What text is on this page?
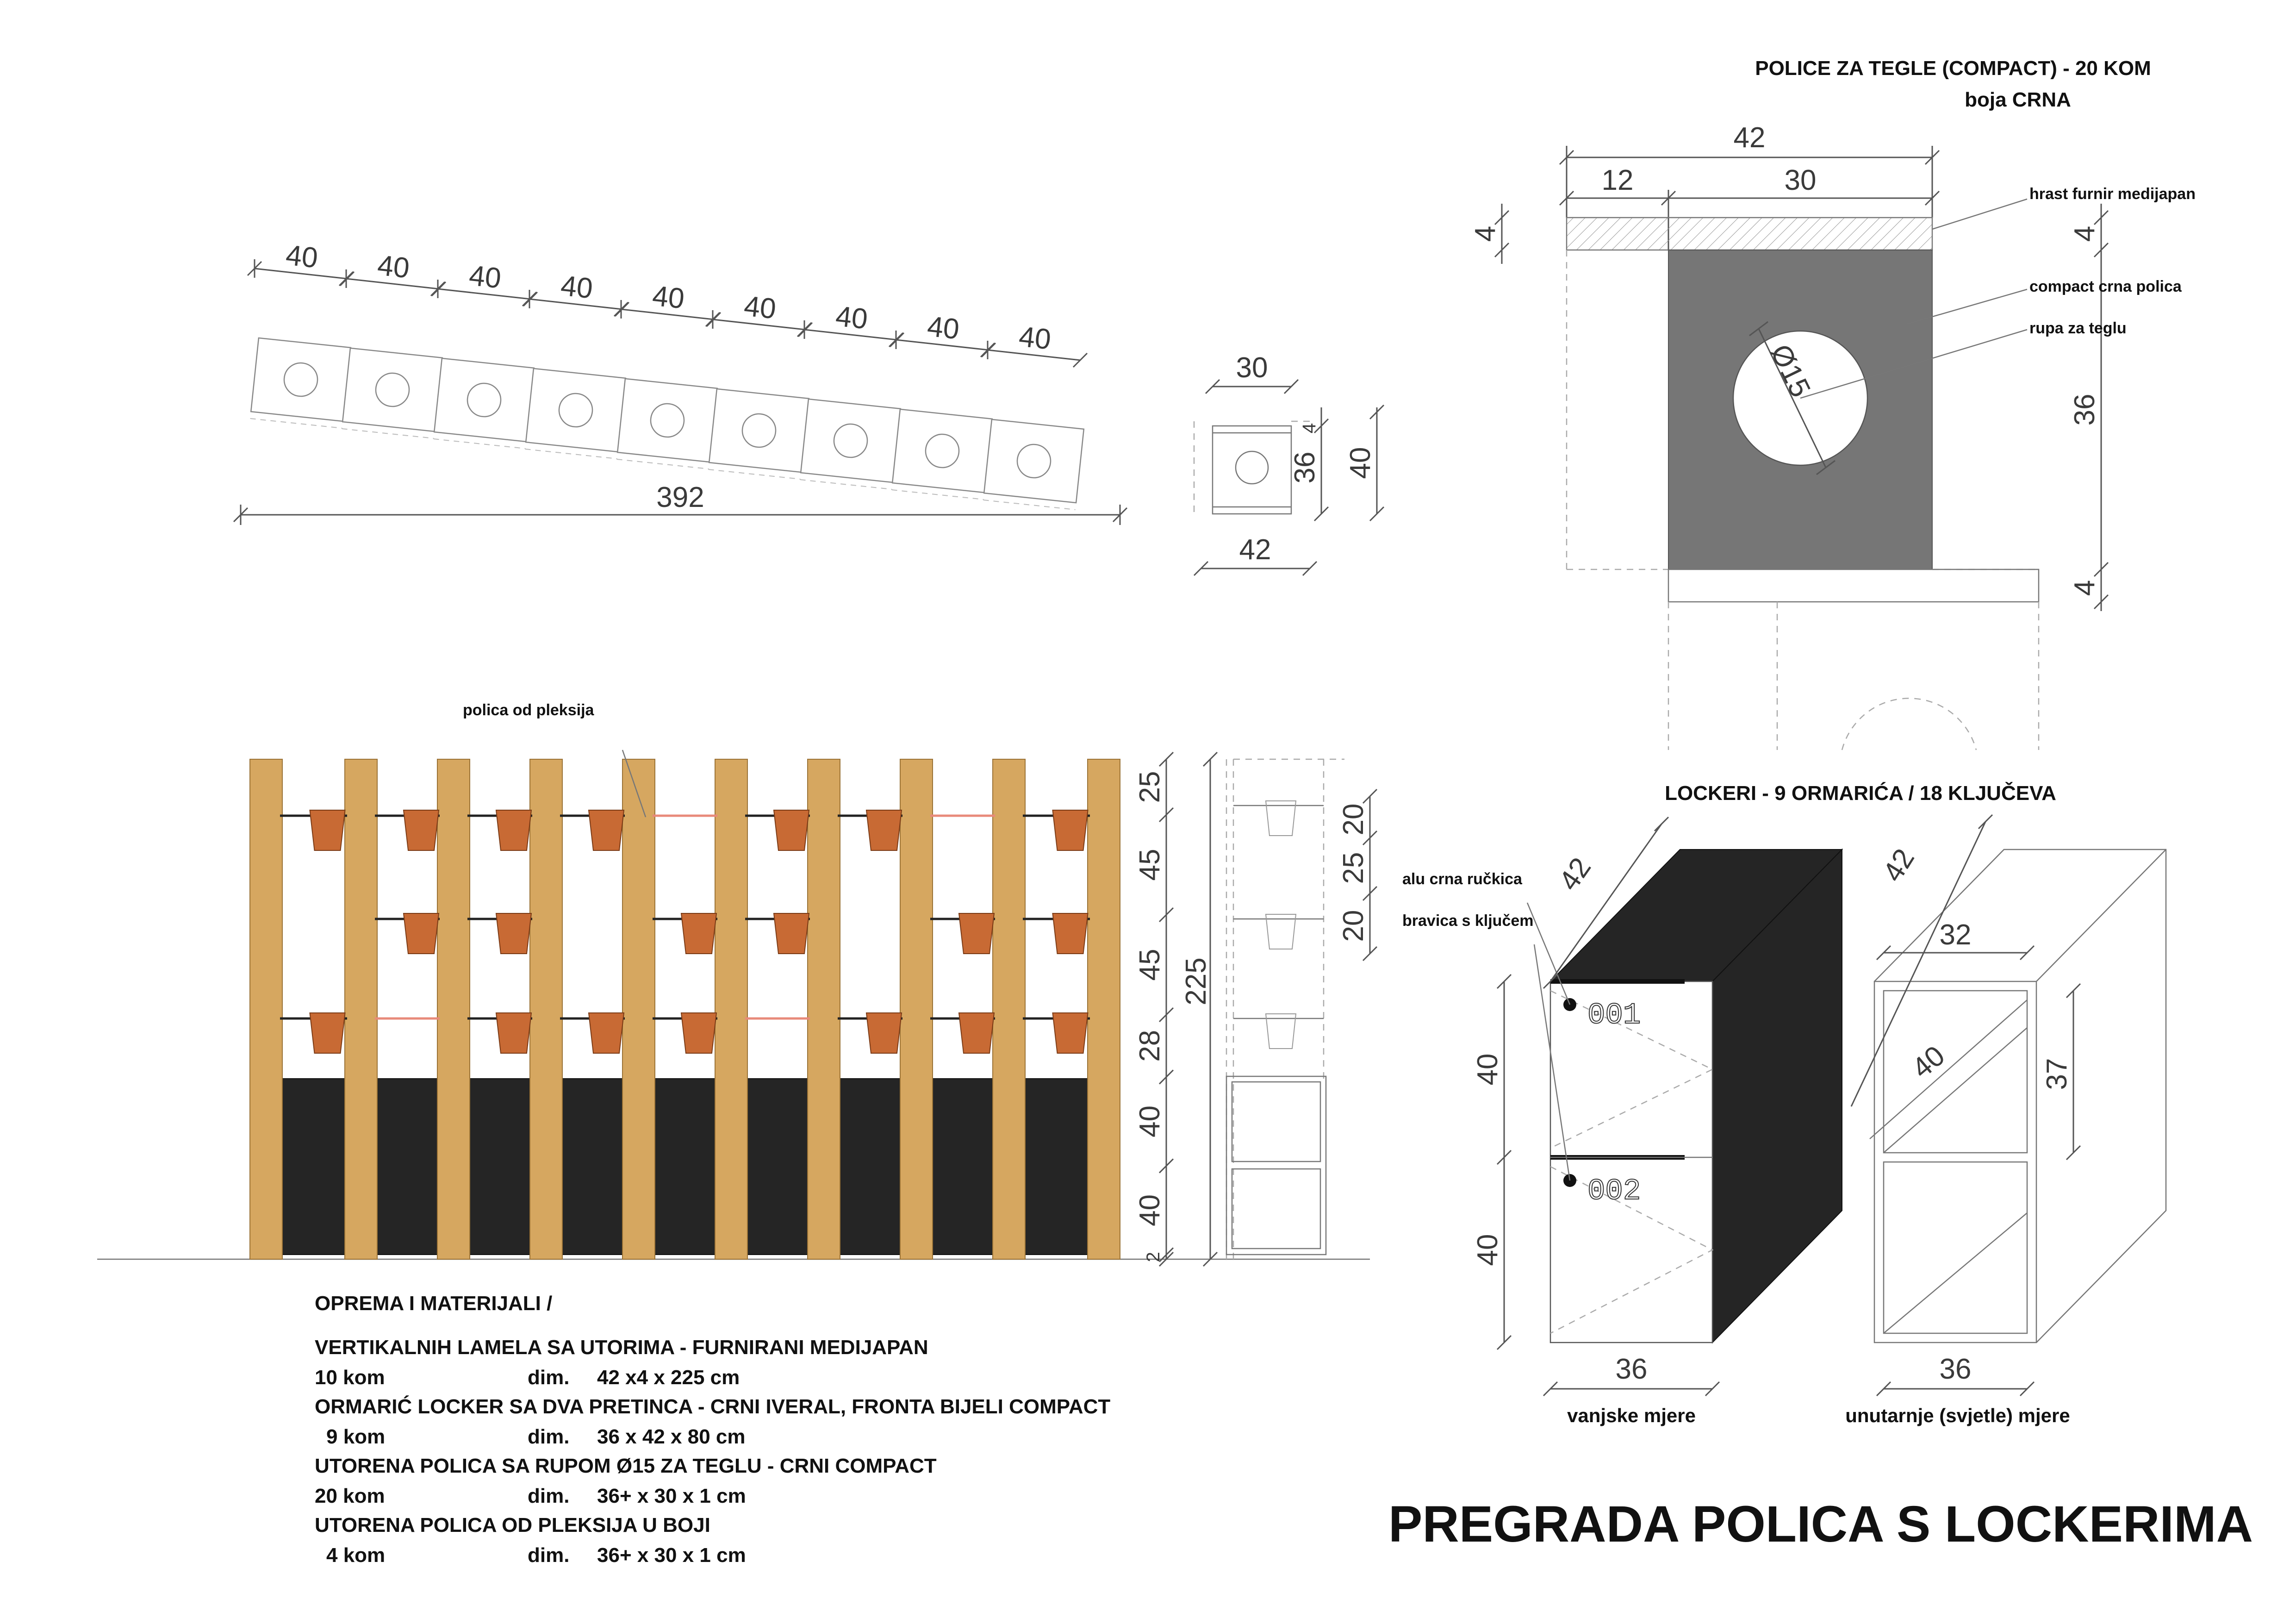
40 40 40 40 40 40 40 40 40
392
30
42
36
4
40
POLICE ZA TEGLE (COMPACT) - 20 KOM
boja CRNA
42
12	30
Ø15
4	4
36
4
hrast furnir medijapan
compact crna polica
rupa za teglu
polica od pleksija
25
45
45
28
40
40
2
225
20
25
20
LOCKERI - 9 ORMARIĆA / 18 KLJUČEVA
001
002
alu crna ručkica
bravica s ključem
42
40
40
36
vanjske mjere
42
32
40	37
36
unutarnje (svjetle) mjere
OPREMA I MATERIJALI /
VERTIKALNIH LAMELA SA UTORIMA - FURNIRANI MEDIJAPAN
10 kom	dim. 42 x4 x 225 cm
ORMARIĆ LOCKER SA DVA PRETINCA - CRNI IVERAL, FRONTA BIJELI COMPACT
9 kom	dim. 36 x 42 x 80 cm
UTORENA POLICA SA RUPOM Ø15 ZA TEGLU - CRNI COMPACT
20 kom	dim. 36+ x 30 x 1 cm
UTORENA POLICA OD PLEKSIJA U BOJI
4 kom	dim. 36+ x 30 x 1 cm
PREGRADA POLICA S LOCKERIMA
